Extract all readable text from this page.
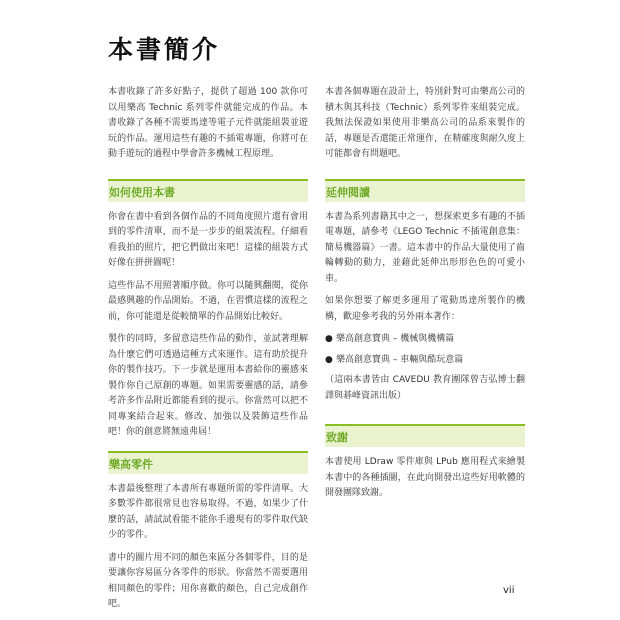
本書簡介

本書收錄了許多好點子，提供了超過 100 款你可以用樂高 Technic 系列零件就能完成的作品。本書收錄了各種不需要馬達等電子元件就能組裝並遊玩的作品。運用這些有趣的不插電專題，你將可在動手遊玩的過程中學會許多機械工程原理。

如何使用本書

你會在書中看到各個作品的不同角度照片還有會用到的零件清單，而不是一步步的組裝流程。仔細看看我拍的照片，把它們做出來吧！這樣的組裝方式好像在拼拼圖呢！

這些作品不用照著順序做。你可以隨興翻閱，從你最感興趣的作品開始。不過，在習慣這樣的流程之前，你可能還是從較簡單的作品開始比較好。

製作的同時，多留意這些作品的動作，並試著理解為什麼它們可透過這種方式來運作。這有助於提升你的製作技巧。下一步就是運用本書給你的靈感來製作你自己原創的專題。如果需要靈感的話，請參考許多作品附近都能看到的提示。你當然可以把不同專案結合起來。修改、加強以及裝飾這些作品吧！你的創意將無遠弗屆！

樂高零件

本書最後整理了本書所有專題所需的零件清單。大多數零件都很常見也容易取得。不過，如果少了什麼的話，請試試看能不能你手邊現有的零件取代缺少的零件。

書中的圖片用不同的顏色來區分各個零件，目的是要讓你容易區分各零件的形狀。你當然不需要選用相同顏色的零件；用你喜歡的顏色，自己完成創作吧。

本書各個專題在設計上，特別針對可由樂高公司的積木與其科技（Technic）系列零件來組裝完成。我無法保證如果使用非樂高公司的品系來製作的話，專題是否還能正常運作，在精確度與耐久度上可能都會有問題吧。

延伸閱讀

本書為系列書籍其中之一，想探索更多有趣的不插電專題，請參考《LEGO Technic 不插電創意集：簡易機器篇》一書。這本書中的作品大量使用了齒輪轉動的動力，並藉此延伸出形形色色的可愛小車。

如果你想要了解更多運用了電動馬達所製作的機構，歡迎參考我的另外兩本著作：

● 樂高創意寶典 – 機械與機構篇
● 樂高創意寶典 – 車輛與酷玩意篇

（這兩本書皆由 CAVEDU 教育團隊曾吉弘博士翻譯與碁峰資訊出版）

致謝

本書使用 LDraw 零件庫與 LPub 應用程式來繪製本書中的各種插圖，在此向開發出這些好用軟體的開發團隊致謝。

vii
